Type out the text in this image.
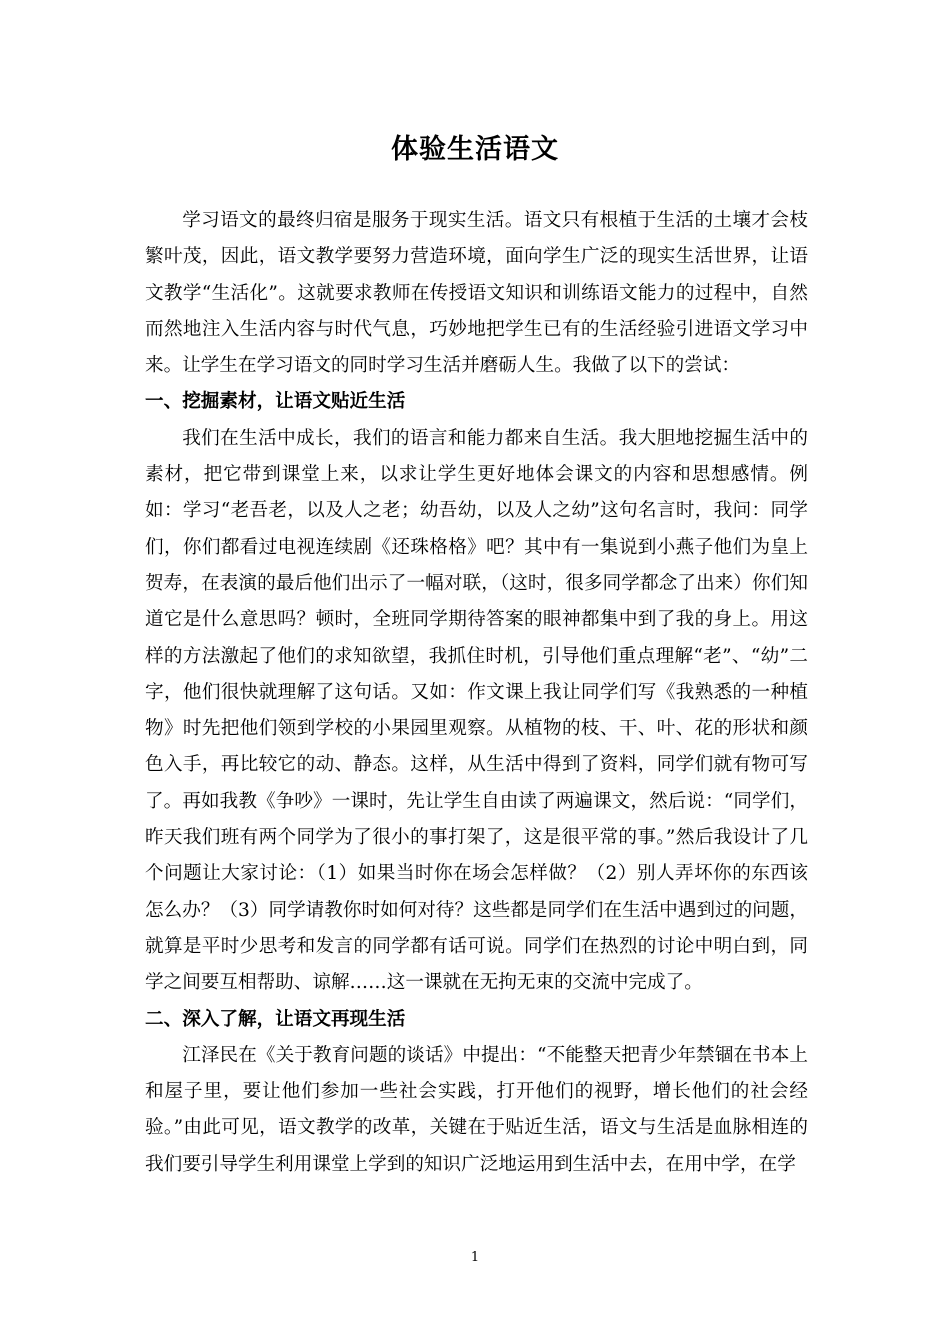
体验生活语文

学习语文的最终归宿是服务于现实生活。语文只有根植于生活的土壤才会枝繁叶茂，因此，语文教学要努力营造环境，面向学生广泛的现实生活世界，让语文教学“生活化”。这就要求教师在传授语文知识和训练语文能力的过程中，自然而然地注入生活内容与时代气息，巧妙地把学生已有的生活经验引进语文学习中来。让学生在学习语文的同时学习生活并磨砺人生。我做了以下的尝试：

一、挖掘素材，让语文贴近生活

我们在生活中成长，我们的语言和能力都来自生活。我大胆地挖掘生活中的素材，把它带到课堂上来，以求让学生更好地体会课文的内容和思想感情。例如：学习“老吾老，以及人之老；幼吾幼，以及人之幼”这句名言时，我问：同学们，你们都看过电视连续剧《还珠格格》吧？其中有一集说到小燕子他们为皇上贺寿，在表演的最后他们出示了一幅对联，（这时，很多同学都念了出来）你们知道它是什么意思吗？顿时，全班同学期待答案的眼神都集中到了我的身上。用这样的方法激起了他们的求知欲望，我抓住时机，引导他们重点理解“老”、“幼”二字，他们很快就理解了这句话。又如：作文课上我让同学们写《我熟悉的一种植物》时先把他们领到学校的小果园里观察。从植物的枝、干、叶、花的形状和颜色入手，再比较它的动、静态。这样，从生活中得到了资料，同学们就有物可写了。再如我教《争吵》一课时，先让学生自由读了两遍课文，然后说：“同学们，昨天我们班有两个同学为了很小的事打架了，这是很平常的事。”然后我设计了几个问题让大家讨论：（1）如果当时你在场会怎样做？（2）别人弄坏你的东西该怎么办？（3）同学请教你时如何对待？这些都是同学们在生活中遇到过的问题，就算是平时少思考和发言的同学都有话可说。同学们在热烈的讨论中明白到，同学之间要互相帮助、谅解……这一课就在无拘无束的交流中完成了。

二、深入了解，让语文再现生活

江泽民在《关于教育问题的谈话》中提出：“不能整天把青少年禁锢在书本上和屋子里，要让他们参加一些社会实践，打开他们的视野，增长他们的社会经验。”由此可见，语文教学的改革，关键在于贴近生活，语文与生活是血脉相连的我们要引导学生利用课堂上学到的知识广泛地运用到生活中去，在用中学，在学

1
